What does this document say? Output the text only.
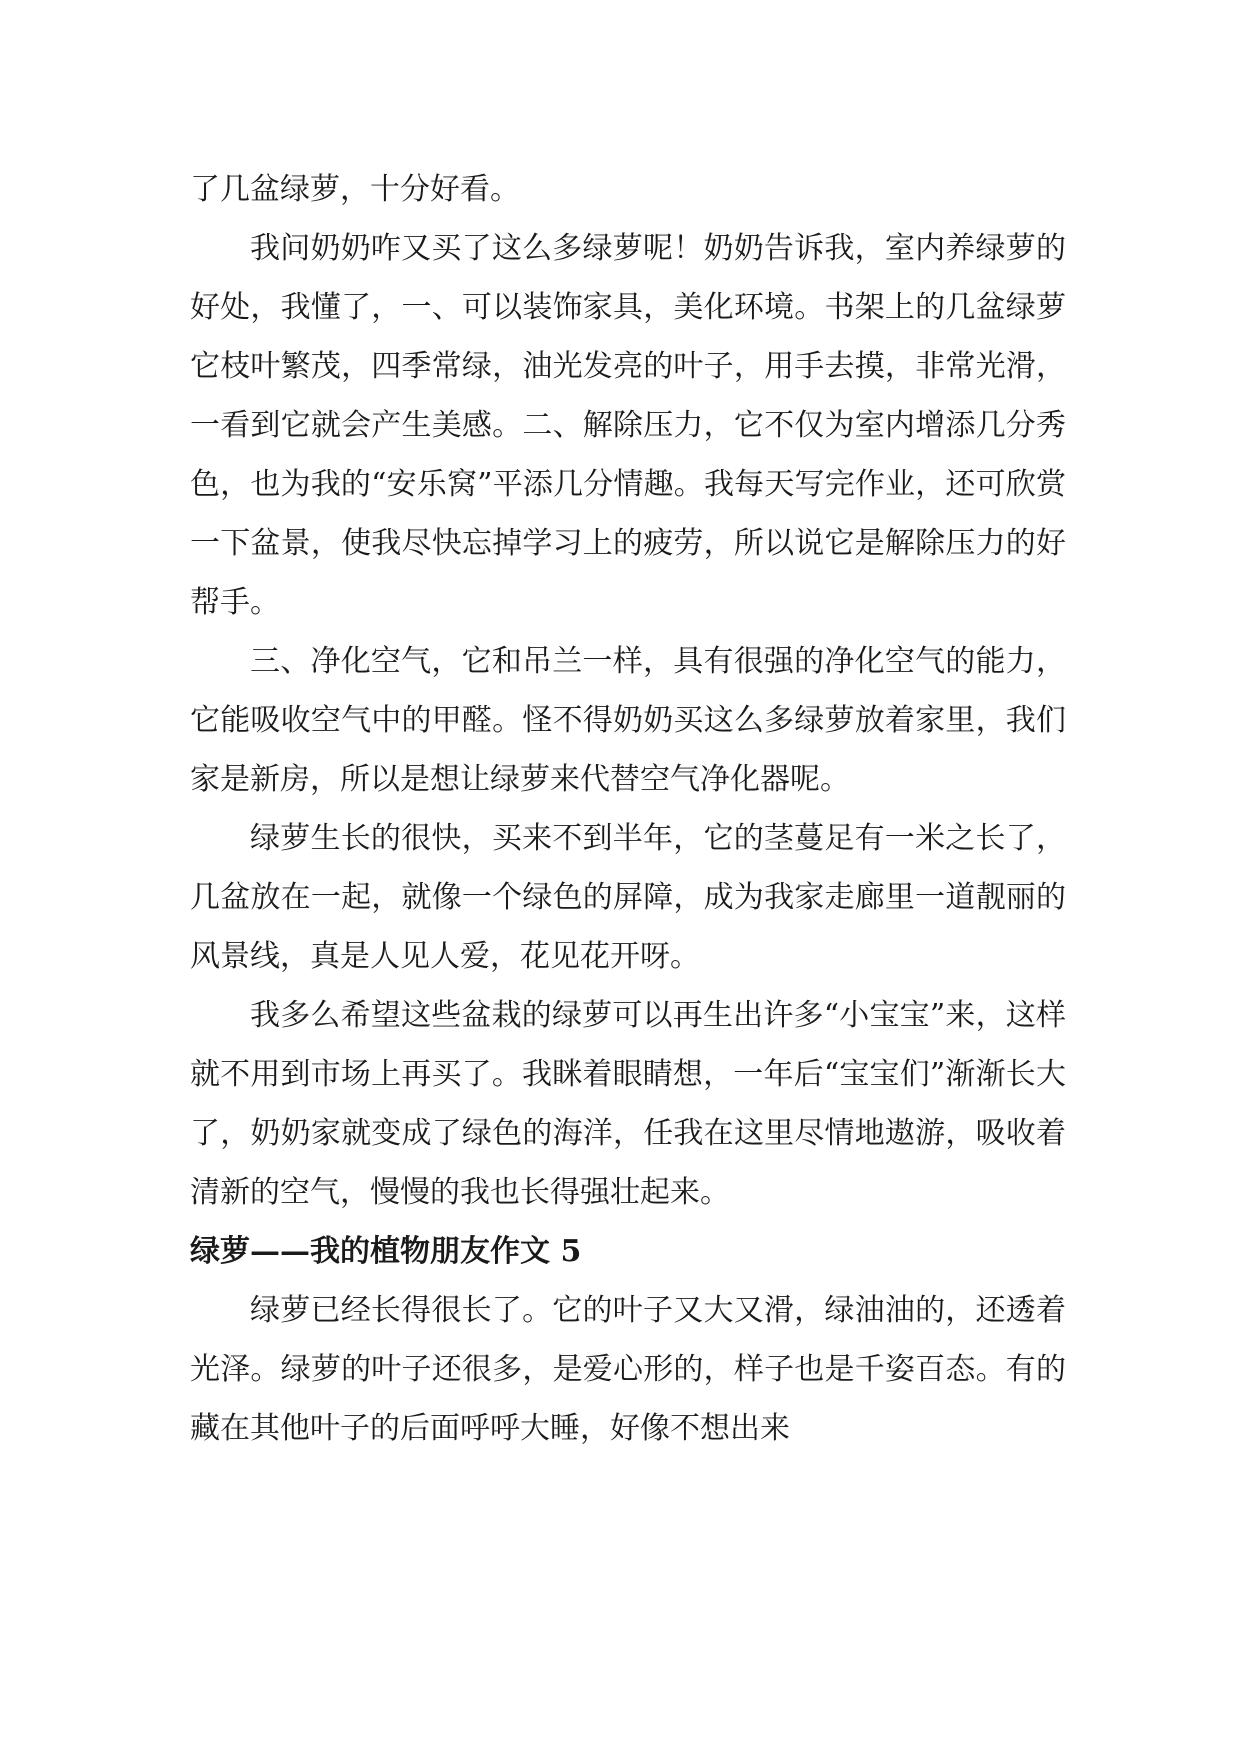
了几盆绿萝，十分好看。

我问奶奶咋又买了这么多绿萝呢！奶奶告诉我，室内养绿萝的好处，我懂了，一、可以装饰家具，美化环境。书架上的几盆绿萝它枝叶繁茂，四季常绿，油光发亮的叶子，用手去摸，非常光滑，一看到它就会产生美感。二、解除压力，它不仅为室内增添几分秀色，也为我的“安乐窝”平添几分情趣。我每天写完作业，还可欣赏一下盆景，使我尽快忘掉学习上的疲劳，所以说它是解除压力的好帮手。

三、净化空气，它和吊兰一样，具有很强的净化空气的能力，它能吸收空气中的甲醛。怪不得奶奶买这么多绿萝放着家里，我们家是新房，所以是想让绿萝来代替空气净化器呢。

绿萝生长的很快，买来不到半年，它的茎蔓足有一米之长了，几盆放在一起，就像一个绿色的屏障，成为我家走廊里一道靓丽的风景线，真是人见人爱，花见花开呀。

我多么希望这些盆栽的绿萝可以再生出许多“小宝宝”来，这样就不用到市场上再买了。我眯着眼睛想，一年后“宝宝们”渐渐长大了，奶奶家就变成了绿色的海洋，任我在这里尽情地遨游，吸收着清新的空气，慢慢的我也长得强壮起来。

绿萝——我的植物朋友作文 5

绿萝已经长得很长了。它的叶子又大又滑，绿油油的，还透着光泽。绿萝的叶子还很多，是爱心形的，样子也是千姿百态。有的藏在其他叶子的后面呼呼大睡，好像不想出来
